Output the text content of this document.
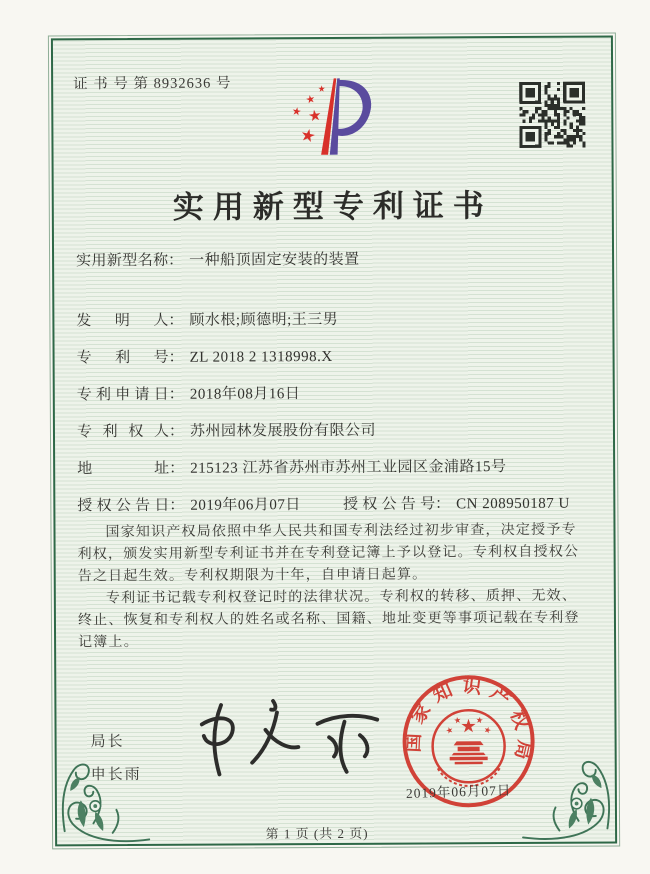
证 书 号 第 8932636 号
实用新型专利证书
实用新型名称： 一种船顶固定安装的装置
发明人： 顾水根;顾德明;王三男
专利号： ZL 2018 2 1318998.X
专利申请日： 2018年08月16日
专利权人： 苏州园林发展股份有限公司
地址： 215123 江苏省苏州市苏州工业园区金浦路15号
授权公告日： 2019年06月07日	授权公告号： CN 208950187 U

国家知识产权局依照中华人民共和国专利法经过初步审查，决定授予专利权，颁发实用新型专利证书并在专利登记簿上予以登记。专利权自授权公告之日起生效。专利权期限为十年，自申请日起算。

专利证书记载专利权登记时的法律状况。专利权的转移、质押、无效、终止、恢复和专利权人的姓名或名称、国籍、地址变更等事项记载在专利登记簿上。

局长
申长雨
国家知识产权局
2019年06月07日
第 1 页 (共 2 页)
